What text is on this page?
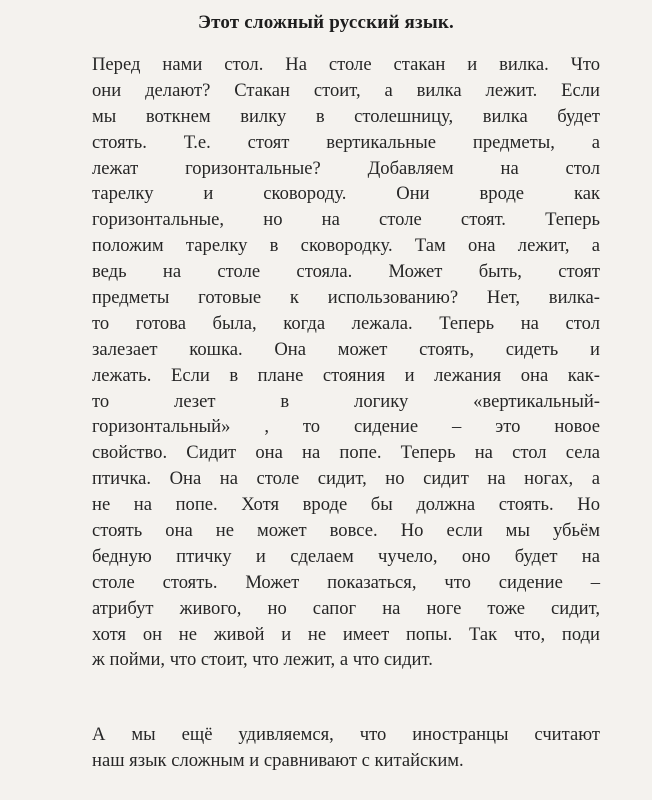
Этот сложный русский язык.
Перед нами стол. На столе стакан и вилка. Что
они делают? Стакан стоит, а вилка лежит. Если
мы воткнем вилку в столешницу, вилка будет
стоять. Т.е. стоят вертикальные предметы, а
лежат горизонтальные? Добавляем на стол
тарелку и сковороду. Они вроде как
горизонтальные, но на столе стоят. Теперь
положим тарелку в сковородку. Там она лежит, а
ведь на столе стояла. Может быть, стоят
предметы готовые к использованию? Нет, вилка-
то готова была, когда лежала. Теперь на стол
залезает кошка. Она может стоять, сидеть и
лежать. Если в плане стояния и лежания она как-
то лезет в логику «вертикальный-
горизонтальный» , то сидение – это новое
свойство. Сидит она на попе. Теперь на стол села
птичка. Она на столе сидит, но сидит на ногах, а
не на попе. Хотя вроде бы должна стоять. Но
стоять она не может вовсе. Но если мы убьём
бедную птичку и сделаем чучело, оно будет на
столе стоять. Может показаться, что сидение –
атрибут живого, но сапог на ноге тоже сидит,
хотя он не живой и не имеет попы. Так что, поди
ж пойми, что стоит, что лежит, а что сидит.
А мы ещё удивляемся, что иностранцы считают
наш язык сложным и сравнивают с китайским.
